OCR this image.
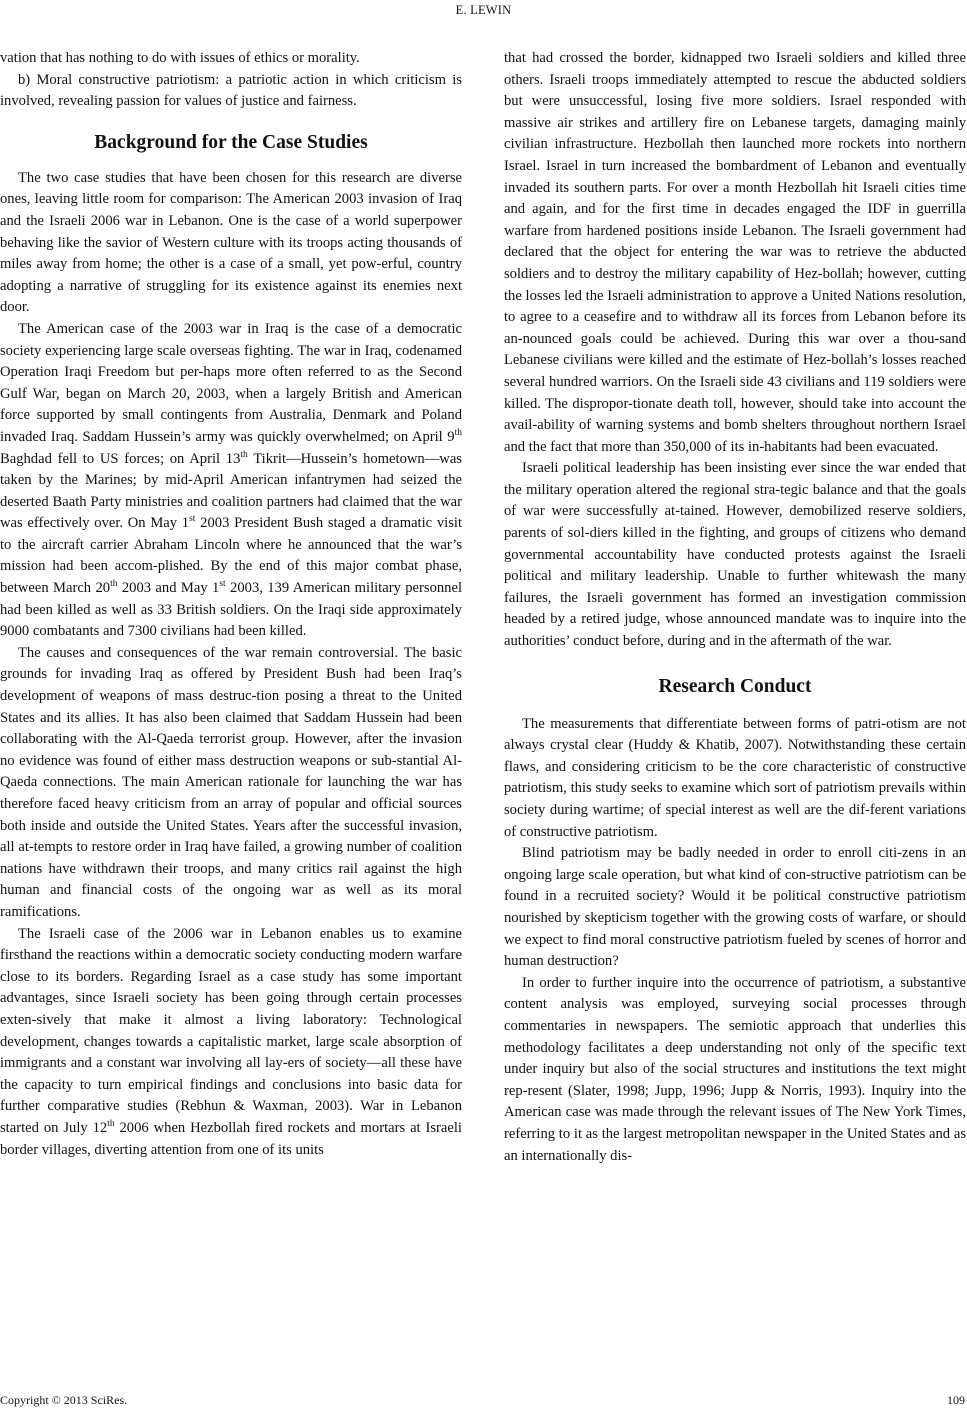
E. LEWIN

vation that has nothing to do with issues of ethics or morality.

b) Moral constructive patriotism: a patriotic action in which criticism is involved, revealing passion for values of justice and fairness.

Background for the Case Studies

The two case studies that have been chosen for this research are diverse ones, leaving little room for comparison: The American 2003 invasion of Iraq and the Israeli 2006 war in Lebanon. One is the case of a world superpower behaving like the savior of Western culture with its troops acting thousands of miles away from home; the other is a case of a small, yet pow-erful, country adopting a narrative of struggling for its existence against its enemies next door.

The American case of the 2003 war in Iraq is the case of a democratic society experiencing large scale overseas fighting. The war in Iraq, codenamed Operation Iraqi Freedom but per-haps more often referred to as the Second Gulf War, began on March 20, 2003, when a largely British and American force supported by small contingents from Australia, Denmark and Poland invaded Iraq. Saddam Hussein’s army was quickly overwhelmed; on April 9th Baghdad fell to US forces; on April 13th Tikrit—Hussein’s hometown—was taken by the Marines; by mid-April American infantrymen had seized the deserted Baath Party ministries and coalition partners had claimed that the war was effectively over. On May 1st 2003 President Bush staged a dramatic visit to the aircraft carrier Abraham Lincoln where he announced that the war’s mission had been accom-plished. By the end of this major combat phase, between March 20th 2003 and May 1st 2003, 139 American military personnel had been killed as well as 33 British soldiers. On the Iraqi side approximately 9000 combatants and 7300 civilians had been killed.

The causes and consequences of the war remain controversial. The basic grounds for invading Iraq as offered by President Bush had been Iraq’s development of weapons of mass destruc-tion posing a threat to the United States and its allies. It has also been claimed that Saddam Hussein had been collaborating with the Al-Qaeda terrorist group. However, after the invasion no evidence was found of either mass destruction weapons or sub-stantial Al-Qaeda connections. The main American rationale for launching the war has therefore faced heavy criticism from an array of popular and official sources both inside and outside the United States. Years after the successful invasion, all at-tempts to restore order in Iraq have failed, a growing number of coalition nations have withdrawn their troops, and many critics rail against the high human and financial costs of the ongoing war as well as its moral ramifications.

The Israeli case of the 2006 war in Lebanon enables us to examine firsthand the reactions within a democratic society conducting modern warfare close to its borders. Regarding Israel as a case study has some important advantages, since Israeli society has been going through certain processes exten-sively that make it almost a living laboratory: Technological development, changes towards a capitalistic market, large scale absorption of immigrants and a constant war involving all lay-ers of society—all these have the capacity to turn empirical findings and conclusions into basic data for further comparative studies (Rebhun & Waxman, 2003). War in Lebanon started on July 12th 2006 when Hezbollah fired rockets and mortars at Israeli border villages, diverting attention from one of its units

that had crossed the border, kidnapped two Israeli soldiers and killed three others. Israeli troops immediately attempted to rescue the abducted soldiers but were unsuccessful, losing five more soldiers. Israel responded with massive air strikes and artillery fire on Lebanese targets, damaging mainly civilian infrastructure. Hezbollah then launched more rockets into northern Israel. Israel in turn increased the bombardment of Lebanon and eventually invaded its southern parts. For over a month Hezbollah hit Israeli cities time and again, and for the first time in decades engaged the IDF in guerrilla warfare from hardened positions inside Lebanon. The Israeli government had declared that the object for entering the war was to retrieve the abducted soldiers and to destroy the military capability of Hez-bollah; however, cutting the losses led the Israeli administration to approve a United Nations resolution, to agree to a ceasefire and to withdraw all its forces from Lebanon before its an-nounced goals could be achieved. During this war over a thou-sand Lebanese civilians were killed and the estimate of Hez-bollah’s losses reached several hundred warriors. On the Israeli side 43 civilians and 119 soldiers were killed. The dispropor-tionate death toll, however, should take into account the avail-ability of warning systems and bomb shelters throughout northern Israel and the fact that more than 350,000 of its in-habitants had been evacuated.

Israeli political leadership has been insisting ever since the war ended that the military operation altered the regional stra-tegic balance and that the goals of war were successfully at-tained. However, demobilized reserve soldiers, parents of sol-diers killed in the fighting, and groups of citizens who demand governmental accountability have conducted protests against the Israeli political and military leadership. Unable to further whitewash the many failures, the Israeli government has formed an investigation commission headed by a retired judge, whose announced mandate was to inquire into the authorities’ conduct before, during and in the aftermath of the war.

Research Conduct

The measurements that differentiate between forms of patri-otism are not always crystal clear (Huddy & Khatib, 2007). Notwithstanding these certain flaws, and considering criticism to be the core characteristic of constructive patriotism, this study seeks to examine which sort of patriotism prevails within society during wartime; of special interest as well are the dif-ferent variations of constructive patriotism.

Blind patriotism may be badly needed in order to enroll citi-zens in an ongoing large scale operation, but what kind of con-structive patriotism can be found in a recruited society? Would it be political constructive patriotism nourished by skepticism together with the growing costs of warfare, or should we expect to find moral constructive patriotism fueled by scenes of horror and human destruction?

In order to further inquire into the occurrence of patriotism, a substantive content analysis was employed, surveying social processes through commentaries in newspapers. The semiotic approach that underlies this methodology facilitates a deep understanding not only of the specific text under inquiry but also of the social structures and institutions the text might rep-resent (Slater, 1998; Jupp, 1996; Jupp & Norris, 1993). Inquiry into the American case was made through the relevant issues of The New York Times, referring to it as the largest metropolitan newspaper in the United States and as an internationally dis-

Copyright © 2013 SciRes.	109
